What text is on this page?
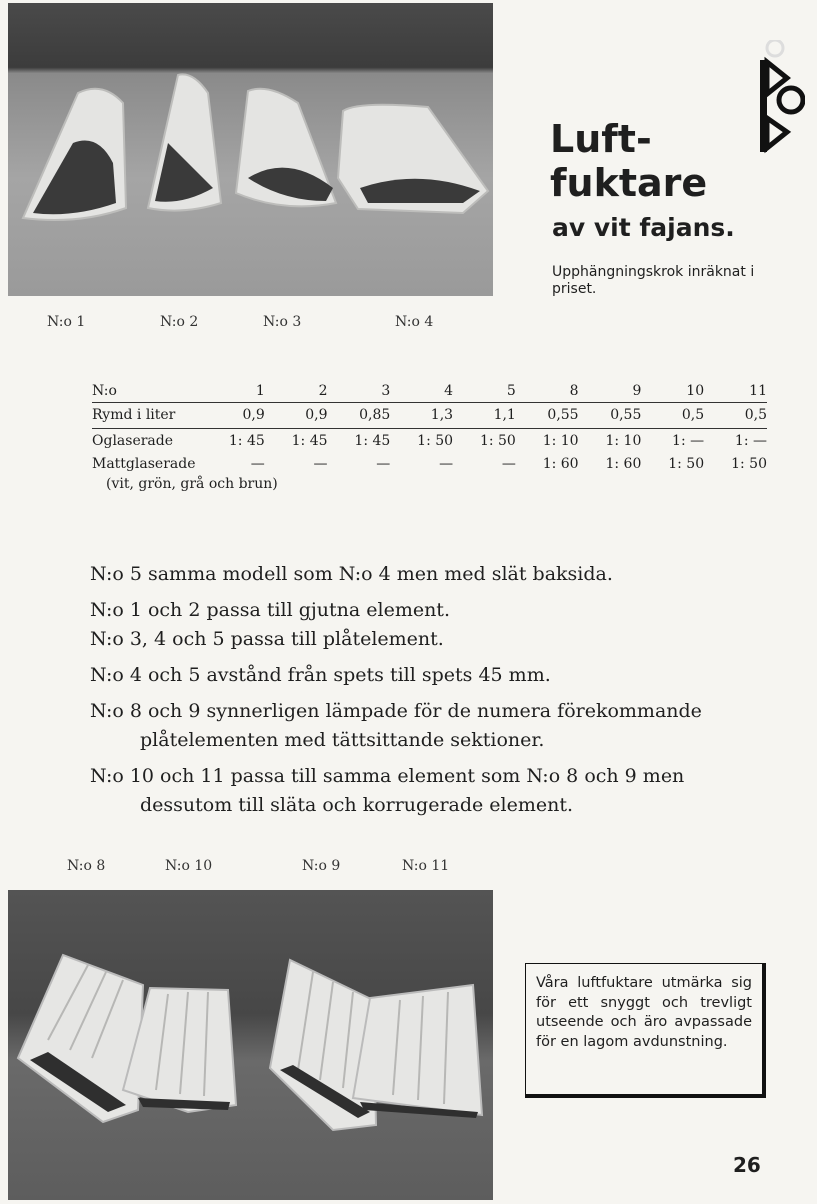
Luft-
fuktare
av vit fajans.
Upphängningskrok inräknat i priset.
N:o 1	N:o 2	N:o 3	N:o 4
N:o	1	2	3	4	5	8	9	10	11
Rymd i liter	0,9	0,9	0,85	1,3	1,1	0,55	0,55	0,5	0,5
Oglaserade	1: 45	1: 45	1: 45	1: 50	1: 50	1: 10	1: 10	1: —	1: —
Mattglaserade	—	—	—	—	—	1: 60	1: 60	1: 50	1: 50
(vit, grön, grå och brun)

N:o 5 samma modell som N:o 4 men med slät baksida.

N:o 1 och 2 passa till gjutna element.

N:o 3, 4 och 5 passa till plåtelement.

N:o 4 och 5 avstånd från spets till spets 45 mm.

N:o 8 och 9 synnerligen lämpade för de numera förekommande plåtelementen med tättsittande sektioner.

N:o 10 och 11 passa till samma element som N:o 8 och 9 men dessutom till släta och korrugerade element.

N:o 8	N:o 10	N:o 9	N:o 11
Våra luftfuktare utmärka sig för ett snyggt och trevligt utseende och äro avpassade för en lagom avdunstning.
26
